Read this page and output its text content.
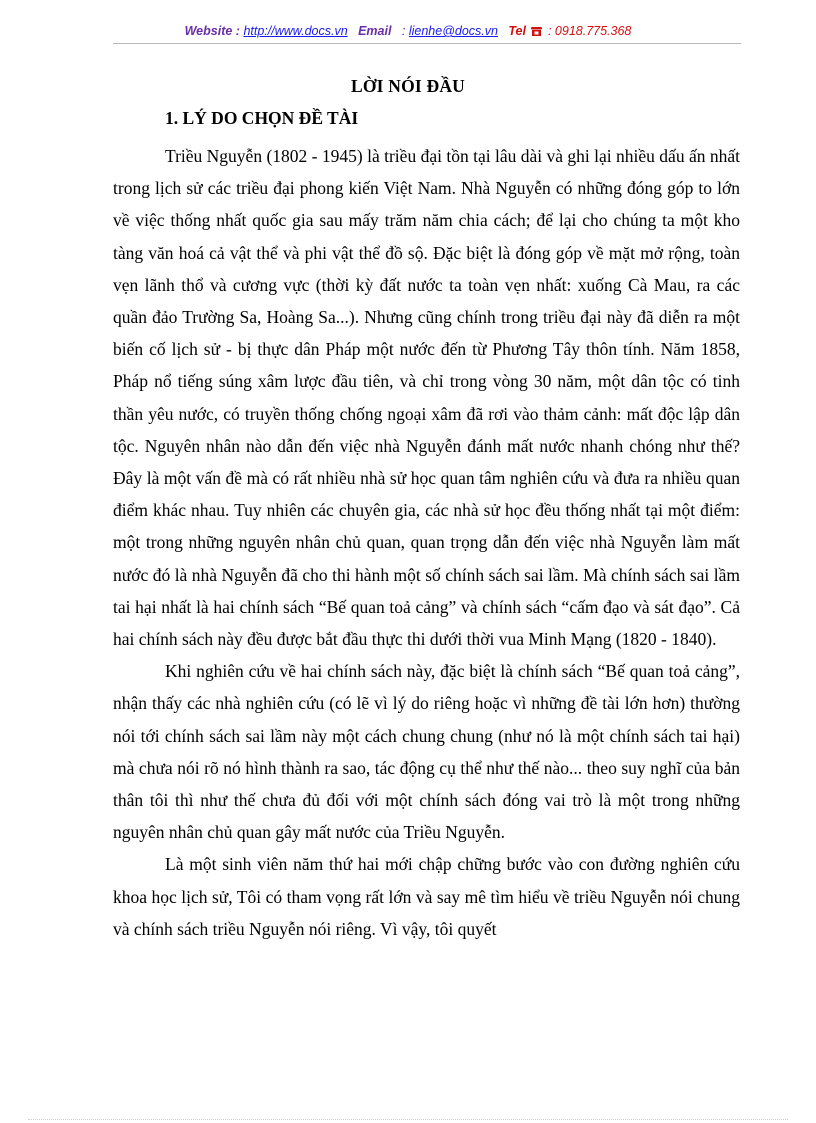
Website : http://www.docs.vn Email : lienhe@docs.vn Tel : 0918.775.368
LỜI NÓI ĐẦU
1. LÝ DO CHỌN ĐỀ TÀI

Triều Nguyễn (1802 - 1945) là triều đại tồn tại lâu dài và ghi lại nhiều dấu ấn nhất trong lịch sử các triều đại phong kiến Việt Nam. Nhà Nguyễn có những đóng góp to lớn về việc thống nhất quốc gia sau mấy trăm năm chia cách; để lại cho chúng ta một kho tàng văn hoá cả vật thể và phi vật thể đồ sộ. Đặc biệt là đóng góp về mặt mở rộng, toàn vẹn lãnh thổ và cương vực (thời kỳ đất nước ta toàn vẹn nhất: xuống Cà Mau, ra các quần đảo Trường Sa, Hoàng Sa...). Nhưng cũng chính trong triều đại này đã diễn ra một biến cố lịch sử - bị thực dân Pháp một nước đến từ Phương Tây thôn tính. Năm 1858, Pháp nổ tiếng súng xâm lược đầu tiên, và chỉ trong vòng 30 năm, một dân tộc có tinh thần yêu nước, có truyền thống chống ngoại xâm đã rơi vào thảm cảnh: mất độc lập dân tộc. Nguyên nhân nào dẫn đến việc nhà Nguyễn đánh mất nước nhanh chóng như thế? Đây là một vấn đề mà có rất nhiều nhà sử học quan tâm nghiên cứu và đưa ra nhiều quan điểm khác nhau. Tuy nhiên các chuyên gia, các nhà sử học đều thống nhất tại một điểm: một trong những nguyên nhân chủ quan, quan trọng dẫn đến việc nhà Nguyễn làm mất nước đó là nhà Nguyễn đã cho thi hành một số chính sách sai lầm. Mà chính sách sai lầm tai hại nhất là hai chính sách “Bế quan toả cảng” và chính sách “cấm đạo và sát đạo”. Cả hai chính sách này đều được bắt đầu thực thi dưới thời vua Minh Mạng (1820 - 1840).

Khi nghiên cứu về hai chính sách này, đặc biệt là chính sách “Bế quan toả cảng”, nhận thấy các nhà nghiên cứu (có lẽ vì lý do riêng hoặc vì những đề tài lớn hơn) thường nói tới chính sách sai lầm này một cách chung chung (như nó là một chính sách tai hại) mà chưa nói rõ nó hình thành ra sao, tác động cụ thể như thế nào... theo suy nghĩ của bản thân tôi thì như thế chưa đủ đối với một chính sách đóng vai trò là một trong những nguyên nhân chủ quan gây mất nước của Triều Nguyễn.

Là một sinh viên năm thứ hai mới chập chững bước vào con đường nghiên cứu khoa học lịch sử, Tôi có tham vọng rất lớn và say mê tìm hiểu về triều Nguyễn nói chung và chính sách triều Nguyễn nói riêng. Vì vậy, tôi quyết
